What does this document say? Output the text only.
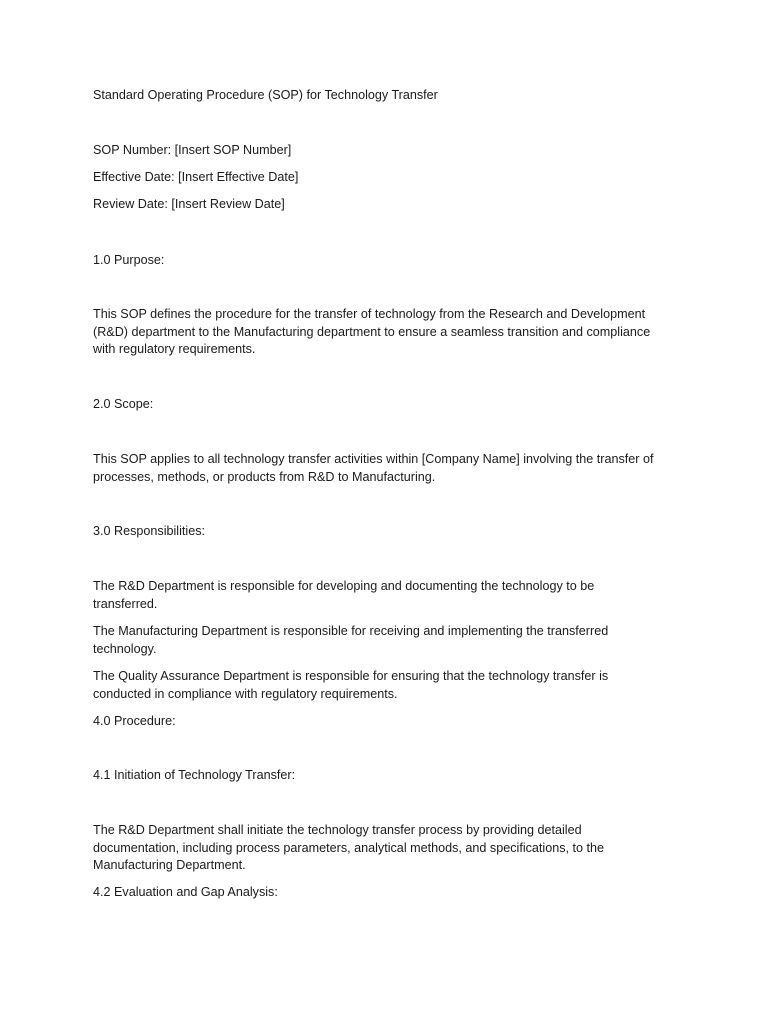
Standard Operating Procedure (SOP) for Technology Transfer

SOP Number: [Insert SOP Number]

Effective Date: [Insert Effective Date]

Review Date: [Insert Review Date]

1.0 Purpose:

This SOP defines the procedure for the transfer of technology from the Research and Development (R&D) department to the Manufacturing department to ensure a seamless transition and compliance with regulatory requirements.

2.0 Scope:

This SOP applies to all technology transfer activities within [Company Name] involving the transfer of processes, methods, or products from R&D to Manufacturing.

3.0 Responsibilities:

The R&D Department is responsible for developing and documenting the technology to be transferred.

The Manufacturing Department is responsible for receiving and implementing the transferred technology.

The Quality Assurance Department is responsible for ensuring that the technology transfer is conducted in compliance with regulatory requirements.

4.0 Procedure:

4.1 Initiation of Technology Transfer:

The R&D Department shall initiate the technology transfer process by providing detailed documentation, including process parameters, analytical methods, and specifications, to the Manufacturing Department.

4.2 Evaluation and Gap Analysis:
